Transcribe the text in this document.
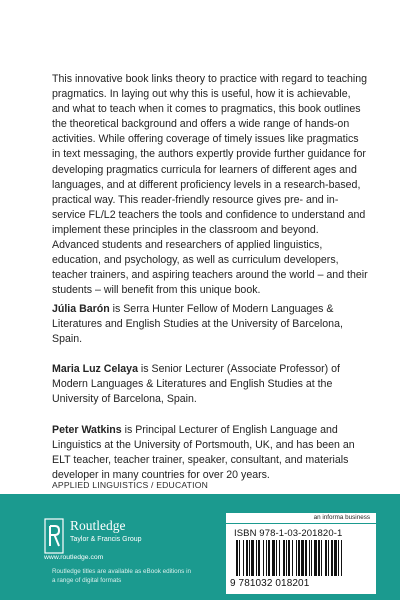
This innovative book links theory to practice with regard to teaching pragmatics. In laying out why this is useful, how it is achievable, and what to teach when it comes to pragmatics, this book outlines the theoretical background and offers a wide range of hands-on activities. While offering coverage of timely issues like pragmatics in text messaging, the authors expertly provide further guidance for developing pragmatics curricula for learners of different ages and languages, and at different proficiency levels in a research-based, practical way. This reader-friendly resource gives pre- and in-service FL/L2 teachers the tools and confidence to understand and implement these principles in the classroom and beyond. Advanced students and researchers of applied linguistics, education, and psychology, as well as curriculum developers, teacher trainers, and aspiring teachers around the world – and their students – will benefit from this unique book.

Júlia Barón is Serra Hunter Fellow of Modern Languages & Literatures and English Studies at the University of Barcelona, Spain.

Maria Luz Celaya is Senior Lecturer (Associate Professor) of Modern Languages & Literatures and English Studies at the University of Barcelona, Spain.

Peter Watkins is Principal Lecturer of English Language and Linguistics at the University of Portsmouth, UK, and has been an ELT teacher, teacher trainer, speaker, consultant, and materials developer in many countries for over 20 years.

APPLIED LINGUISTICS / EDUCATION
Routledge
Taylor & Francis Group
www.routledge.com
Routledge titles are available as eBook editions in a range of digital formats
an informa business
ISBN 978-1-03-201820-1
9 781032 018201
